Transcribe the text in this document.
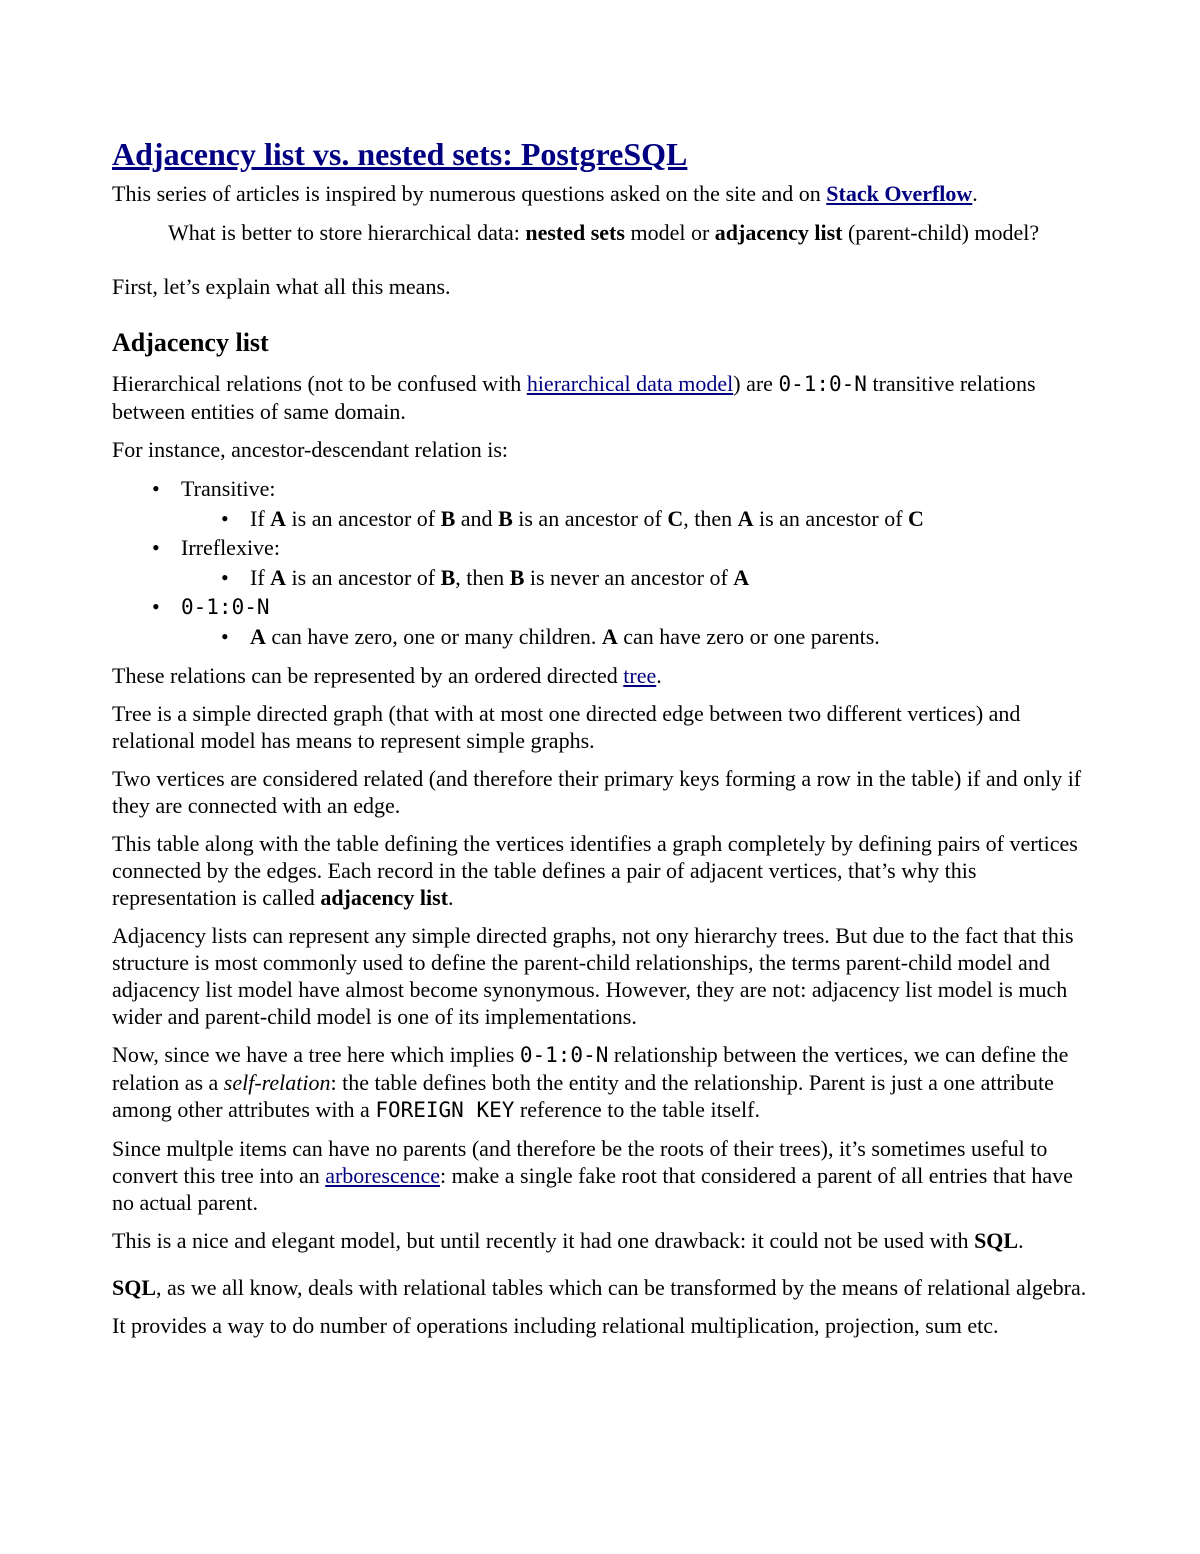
Adjacency list vs. nested sets: PostgreSQL

This series of articles is inspired by numerous questions asked on the site and on Stack Overflow.

What is better to store hierarchical data: nested sets model or adjacency list (parent-child) model?

First, let’s explain what all this means.

Adjacency list

Hierarchical relations (not to be confused with hierarchical data model) are 0-1:0-N transitive relations between entities of same domain.

For instance, ancestor-descendant relation is:

• Transitive:
• If A is an ancestor of B and B is an ancestor of C, then A is an ancestor of C
• Irreflexive:
• If A is an ancestor of B, then B is never an ancestor of A
• 0-1:0-N
• A can have zero, one or many children. A can have zero or one parents.

These relations can be represented by an ordered directed tree.

Tree is a simple directed graph (that with at most one directed edge between two different vertices) and relational model has means to represent simple graphs.

Two vertices are considered related (and therefore their primary keys forming a row in the table) if and only if they are connected with an edge.

This table along with the table defining the vertices identifies a graph completely by defining pairs of vertices connected by the edges. Each record in the table defines a pair of adjacent vertices, that’s why this representation is called adjacency list.

Adjacency lists can represent any simple directed graphs, not ony hierarchy trees. But due to the fact that this structure is most commonly used to define the parent-child relationships, the terms parent-child model and adjacency list model have almost become synonymous. However, they are not: adjacency list model is much wider and parent-child model is one of its implementations.

Now, since we have a tree here which implies 0-1:0-N relationship between the vertices, we can define the relation as a self-relation: the table defines both the entity and the relationship. Parent is just a one attribute among other attributes with a FOREIGN KEY reference to the table itself.

Since multple items can have no parents (and therefore be the roots of their trees), it’s sometimes useful to convert this tree into an arborescence: make a single fake root that considered a parent of all entries that have no actual parent.

This is a nice and elegant model, but until recently it had one drawback: it could not be used with SQL.

SQL, as we all know, deals with relational tables which can be transformed by the means of relational algebra.

It provides a way to do number of operations including relational multiplication, projection, sum etc.
